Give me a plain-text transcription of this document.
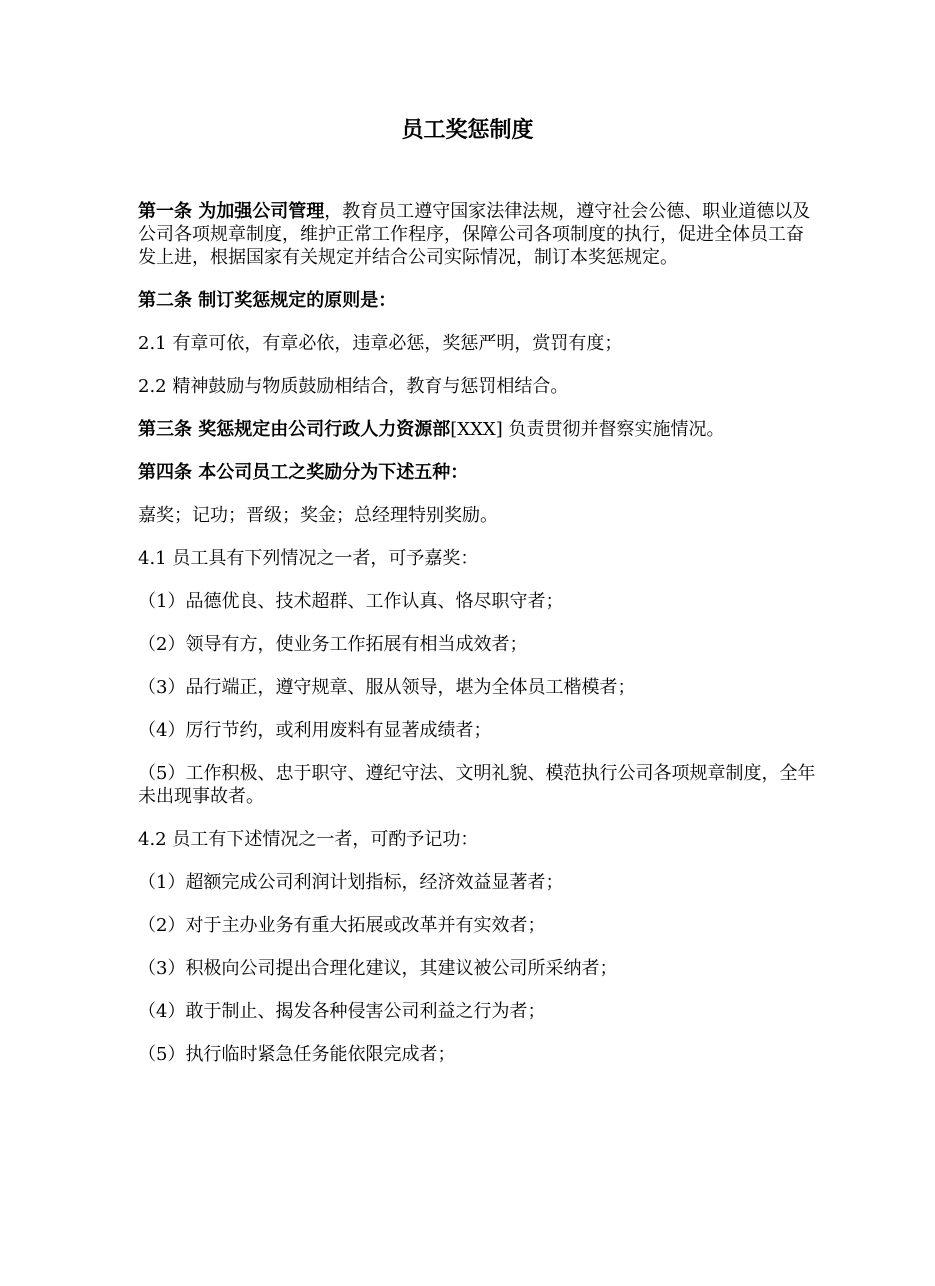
员工奖惩制度

第一条 为加强公司管理，教育员工遵守国家法律法规，遵守社会公德、职业道德以及公司各项规章制度，维护正常工作程序，保障公司各项制度的执行，促进全体员工奋发上进，根据国家有关规定并结合公司实际情况，制订本奖惩规定。

第二条 制订奖惩规定的原则是：

2.1 有章可依，有章必依，违章必惩，奖惩严明，赏罚有度；

2.2 精神鼓励与物质鼓励相结合，教育与惩罚相结合。

第三条 奖惩规定由公司行政人力资源部[XXX] 负责贯彻并督察实施情况。

第四条 本公司员工之奖励分为下述五种：

嘉奖；记功；晋级；奖金；总经理特别奖励。

4.1 员工具有下列情况之一者，可予嘉奖：

（1）品德优良、技术超群、工作认真、恪尽职守者；

（2）领导有方，使业务工作拓展有相当成效者；

（3）品行端正，遵守规章、服从领导，堪为全体员工楷模者；

（4）厉行节约，或利用废料有显著成绩者；

（5）工作积极、忠于职守、遵纪守法、文明礼貌、模范执行公司各项规章制度，全年未出现事故者。

4.2 员工有下述情况之一者，可酌予记功：

（1）超额完成公司利润计划指标，经济效益显著者；

（2）对于主办业务有重大拓展或改革并有实效者；

（3）积极向公司提出合理化建议，其建议被公司所采纳者；

（4）敢于制止、揭发各种侵害公司利益之行为者；

（5）执行临时紧急任务能依限完成者；
